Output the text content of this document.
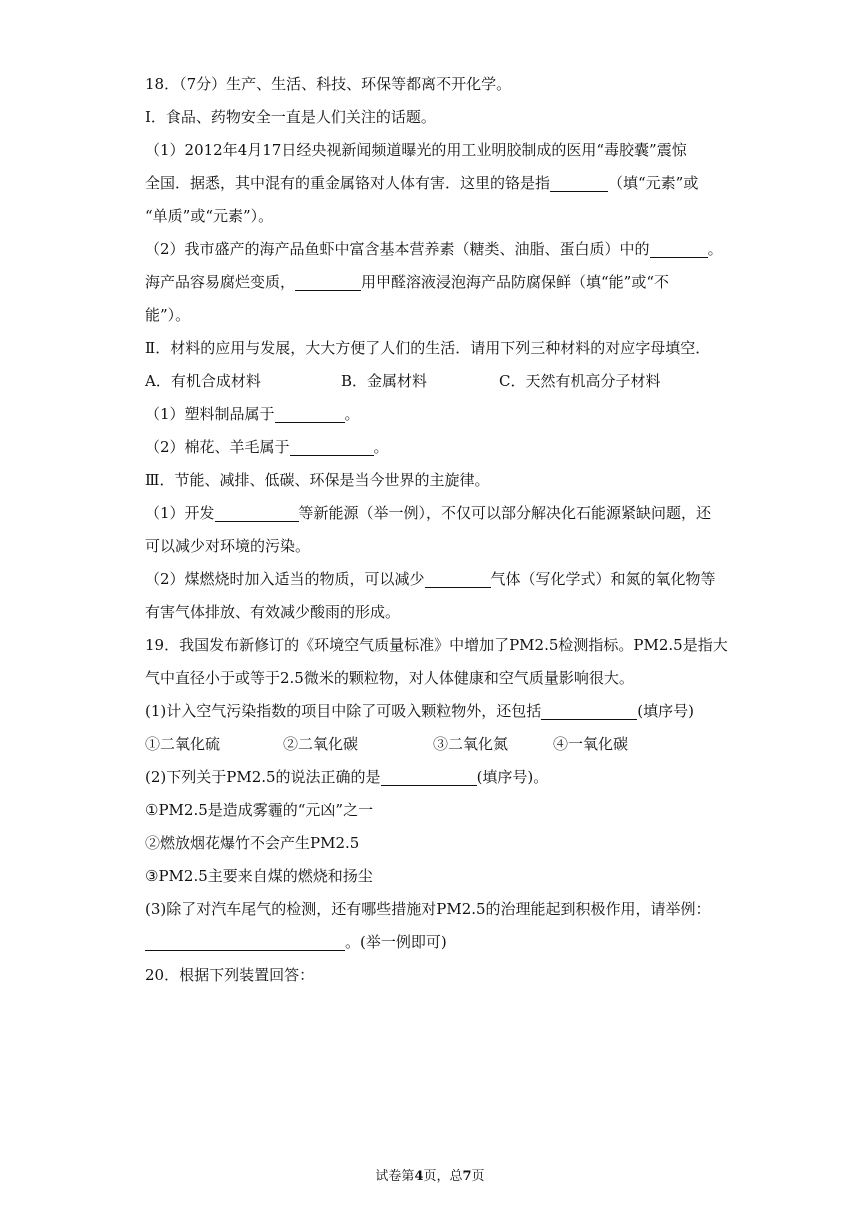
18．（7分）生产、生活、科技、环保等都离不开化学。
Ⅰ．食品、药物安全一直是人们关注的话题。
（1）2012年4月17日经央视新闻频道曝光的用工业明胶制成的医用“毒胶囊”震惊
全国．据悉，其中混有的重金属铬对人体有害．这里的铬是指	（填“元素”或
“单质”或“元素”）。
（2）我市盛产的海产品鱼虾中富含基本营养素（糖类、油脂、蛋白质）中的	。
海产品容易腐烂变质，	用甲醛溶液浸泡海产品防腐保鲜（填“能”或“不
能”）。
Ⅱ．材料的应用与发展，大大方便了人们的生活．请用下列三种材料的对应字母填空．
A．有机合成材料	B．金属材料	C．天然有机高分子材料
（1）塑料制品属于	。
（2）棉花、羊毛属于	。
Ⅲ．节能、减排、低碳、环保是当今世界的主旋律。
（1）开发	等新能源（举一例），不仅可以部分解决化石能源紧缺问题，还
可以减少对环境的污染。
（2）煤燃烧时加入适当的物质，可以减少	气体（写化学式）和氮的氧化物等
有害气体排放、有效减少酸雨的形成。
19．我国发布新修订的《环境空气质量标准》中增加了PM2.5检测指标。PM2.5是指大
气中直径小于或等于2.5微米的颗粒物，对人体健康和空气质量影响很大。
(1)计入空气污染指数的项目中除了可吸入颗粒物外，还包括	(填序号)
①二氧化硫	②二氧化碳	③二氧化氮	④一氧化碳
(2)下列关于PM2.5的说法正确的是	(填序号)。
①PM2.5是造成雾霾的“元凶”之一
②燃放烟花爆竹不会产生PM2.5
③PM2.5主要来自煤的燃烧和扬尘
(3)除了对汽车尾气的检测，还有哪些措施对PM2.5的治理能起到积极作用，请举例：
。(举一例即可)
20．根据下列装置回答：
试卷第4页，总7页
